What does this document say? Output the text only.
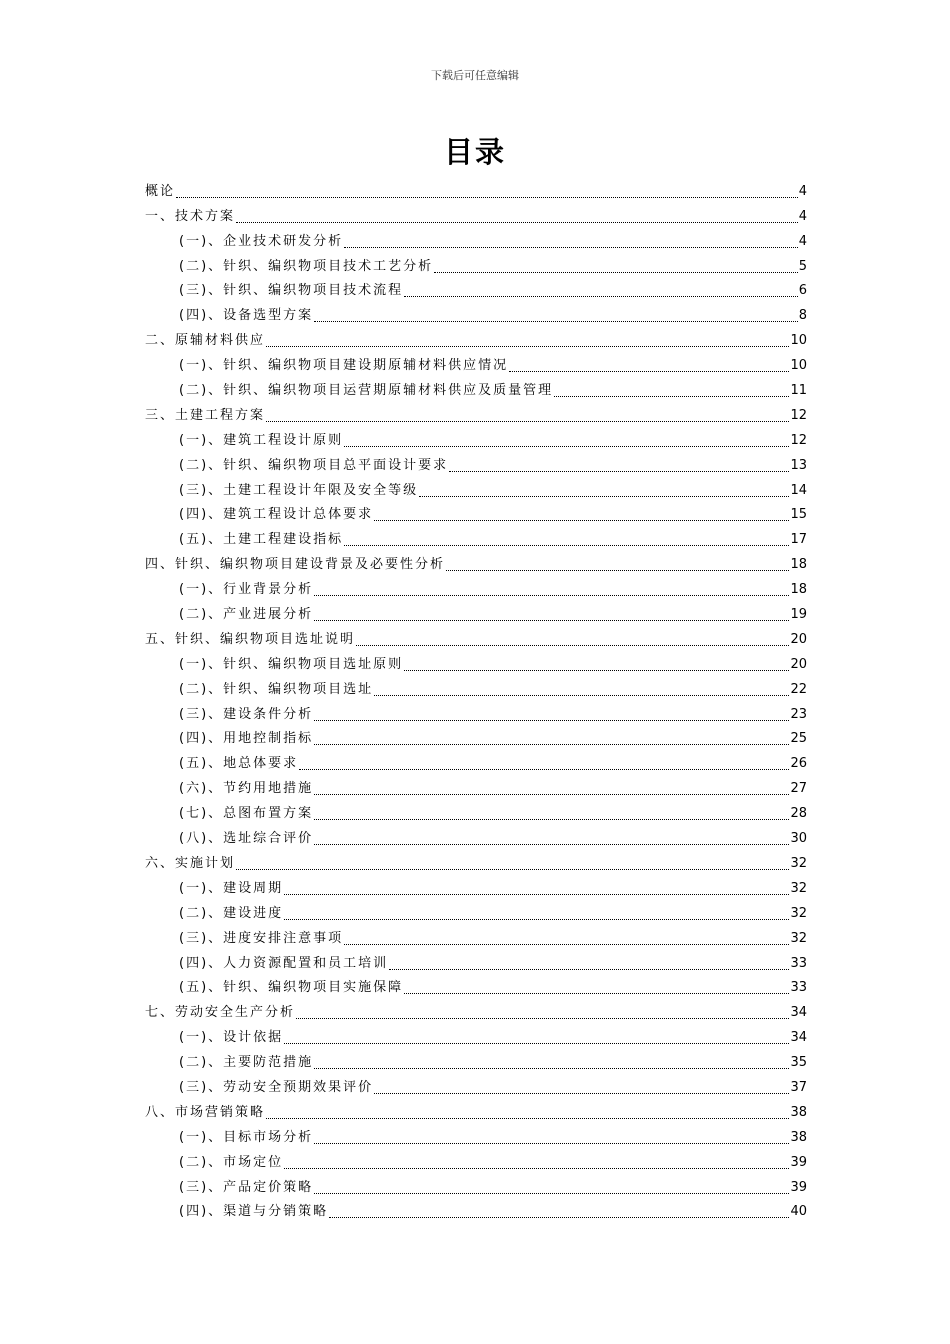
下载后可任意编辑
目录
概论	4
一、技术方案	4
(一)、企业技术研发分析	4
(二)、针织、编织物项目技术工艺分析	5
(三)、针织、编织物项目技术流程	6
(四)、设备选型方案	8
二、原辅材料供应	10
(一)、针织、编织物项目建设期原辅材料供应情况	10
(二)、针织、编织物项目运营期原辅材料供应及质量管理	11
三、土建工程方案	12
(一)、建筑工程设计原则	12
(二)、针织、编织物项目总平面设计要求	13
(三)、土建工程设计年限及安全等级	14
(四)、建筑工程设计总体要求	15
(五)、土建工程建设指标	17
四、针织、编织物项目建设背景及必要性分析	18
(一)、行业背景分析	18
(二)、产业进展分析	19
五、针织、编织物项目选址说明	20
(一)、针织、编织物项目选址原则	20
(二)、针织、编织物项目选址	22
(三)、建设条件分析	23
(四)、用地控制指标	25
(五)、地总体要求	26
(六)、节约用地措施	27
(七)、总图布置方案	28
(八)、选址综合评价	30
六、实施计划	32
(一)、建设周期	32
(二)、建设进度	32
(三)、进度安排注意事项	32
(四)、人力资源配置和员工培训	33
(五)、针织、编织物项目实施保障	33
七、劳动安全生产分析	34
(一)、设计依据	34
(二)、主要防范措施	35
(三)、劳动安全预期效果评价	37
八、市场营销策略	38
(一)、目标市场分析	38
(二)、市场定位	39
(三)、产品定价策略	39
(四)、渠道与分销策略	40
